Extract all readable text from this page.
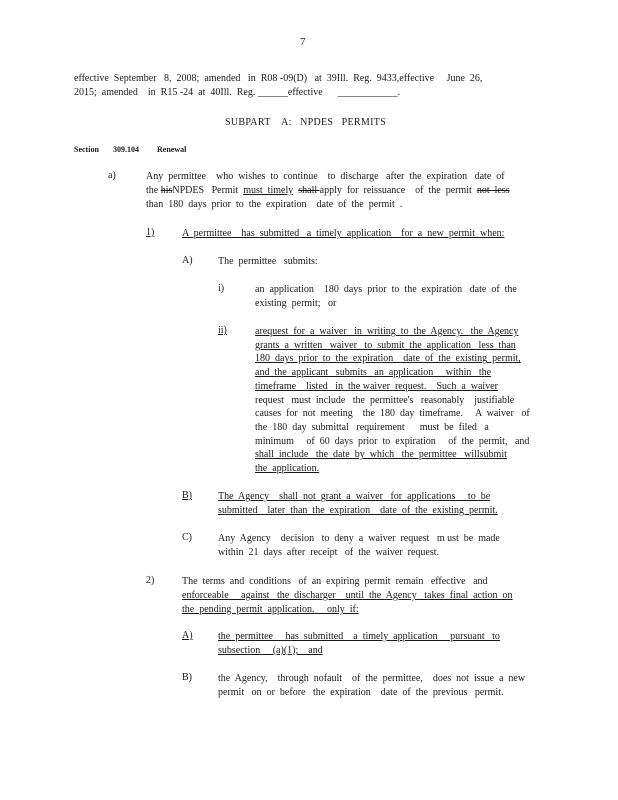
7
effective  September   8,  2008;  amended   in  R08 -09(D)   at  39Ill.  Reg.  9433,effective     June  26,
2015;  amended    in  R15 -24  at  40Ill.  Reg. ______effective ____________.
SUBPART    A:   NPDES   PERMITS
Section 309.104 Renewal
a)	Any  permittee    who  wishes  to  continue    to  discharge   after  the  expiration   date  of
the hisNPDES   Permit  must  timely shall apply  for  reissuance    of  the  permit  not  less
than  180  days  prior  to  the  expiration    date  of  the  permit  .
1)	A  permittee    has  submitted   a  timely  application    for  a  new  permit  when:
A)	The  permittee   submits:
i)	an  application    180  days  prior  to  the  expiration   date  of  the
existing  permit;   or
ii)

	arequest  for  a  waiver   in  writing  to  the  Agency.   the  Agency

grants  a  written   waiver   to  submit  the  application   less  than

180  days  prior  to  the  expiration    date  of  the  existing  permit,

and  the  applicant   submits   an  application     within   the

timeframe    listed   in  the waiver  request.    Such  a  waiver

request   must  include   the  permittee's   reasonably    justifiable

causes  for  not  meeting    the  180  day  timeframe.     A  waiver   of

the  180  day  submittal   requirement      must  be  filed   a

minimum     of  60  days  prior  to  expiration     of  the  permit,   and

shall  include   the  date  by  which   the  permittee   willsubmit

the  application.

B)	The  Agency    shall  not  grant  a  waiver   for  applications     to  be
submitted    later  than  the  expiration    date  of  the  existing  permit.
C)	Any  Agency    decision   to  deny  a  waiver  request   m ust  be  made
within  21  days  after  receipt   of  the  waiver  request.
2)	The  terms  and  conditions   of  an  expiring  permit  remain   effective   and
enforceable     against   the  discharger    until  the  Agency   takes  final  action  on
the  pending  permit  application.     only  if:
A)	the  permittee     has  submitted    a  timely  application     pursuant   to
subsection     (a)(1);    and
B)	the  Agency,    through  nofault    of  the  permittee,    does  not  issue  a  new
permit   on  or  before   the  expiration    date  of  the  previous   permit.
